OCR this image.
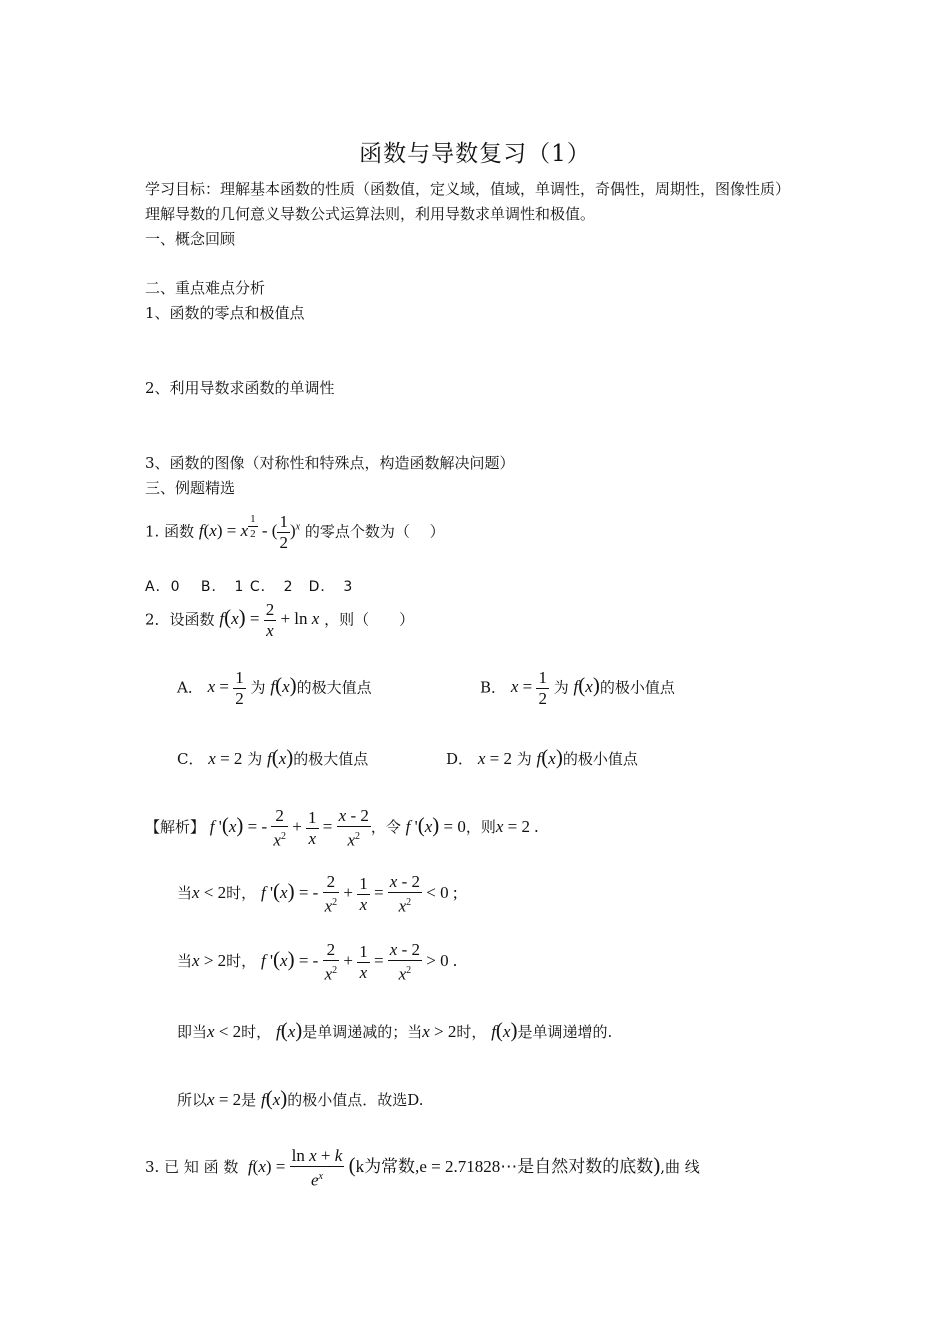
函数与导数复习（1）
学习目标：理解基本函数的性质（函数值，定义域，值域，单调性，奇偶性，周期性，图像性质）
理解导数的几何意义导数公式运算法则，利用导数求单调性和极值。
一、概念回顾
二、重点难点分析
1、函数的零点和极值点
2、利用导数求函数的单调性
3、函数的图像（对称性和特殊点，构造函数解决问题）
三、例题精选
1. 函数 f(x) = x $^{\frac{1}{2}}$ - ( $\frac{1}{2} )^x$ 的零点个数为（　 ）
A．0　 B．　1 C．　2　D．　3
2．设函数 $f(x) = \frac{2}{x} + \ln x$ ，则（　　）
A． $x = \frac{1}{2}$ 为 f(x)的极大值点	B． $x = \frac{1}{2}$ 为 f(x)的极小值点
C． x = 2 为 f(x)的极大值点	D． x = 2 为 f(x)的极小值点
【解析】 f '(x) = - $\frac{2}{x^2} + \frac{1}{x} = \frac{x - 2}{x^2}$ ，令 f '(x) = 0，则x = 2 .
当x < 2时， f '(x) = - $\frac{2}{x^2} + \frac{1}{x} = \frac{x - 2}{x^2} < 0$ ;
当x > 2时， f '(x) = - $\frac{2}{x^2} + \frac{1}{x} = \frac{x - 2}{x^2} > 0$ .
即当x < 2时， f(x)是单调递减的；当x > 2时， f(x)是单调递增的.
所以x = 2是 f(x)的极小值点．故选D.
3. 已 知 函 数 $f(x) = \frac{\text{ln x + k}}{e^x} (k$为常数,e = 2.71828⋯是自然对数的底数),曲 线
